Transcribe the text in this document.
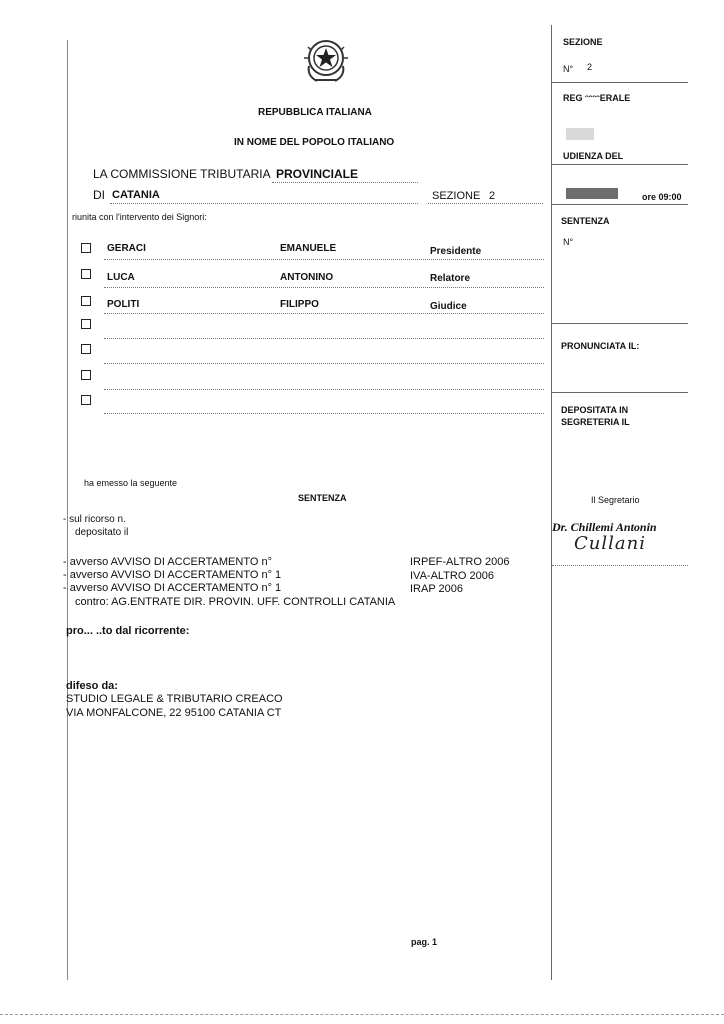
REPUBBLICA ITALIANA
IN NOME DEL POPOLO ITALIANO
LA COMMISSIONE TRIBUTARIA PROVINCIALE
DI CATANIA	SEZIONE 2
riunita con l'intervento dei Signori:
GERACI	EMANUELE	Presidente
LUCA	ANTONINO	Relatore
POLITI	FILIPPO	Giudice
SEZIONE
N° 2
REG ᵔᵔᵔᵔERALE
UDIENZA DEL
ore 09:00
SENTENZA
N°
PRONUNCIATA IL:
DEPOSITATA IN
SEGRETERIA IL
Il Segretario
Dr. Chillemi Antonin
Cullani
ha emesso la seguente
SENTENZA
- sul ricorso n.
depositato il
- avverso AVVISO DI ACCERTAMENTO n°	IRPEF-ALTRO 2006
- avverso AVVISO DI ACCERTAMENTO n° 1	IVA-ALTRO 2006
- avverso AVVISO DI ACCERTAMENTO n° 1	IRAP 2006
contro: AG.ENTRATE DIR. PROVIN. UFF. CONTROLLI CATANIA
pro... ..to dal ricorrente:
difeso da:
STUDIO LEGALE & TRIBUTARIO CREACO
VIA MONFALCONE, 22 95100 CATANIA CT
pag. 1
